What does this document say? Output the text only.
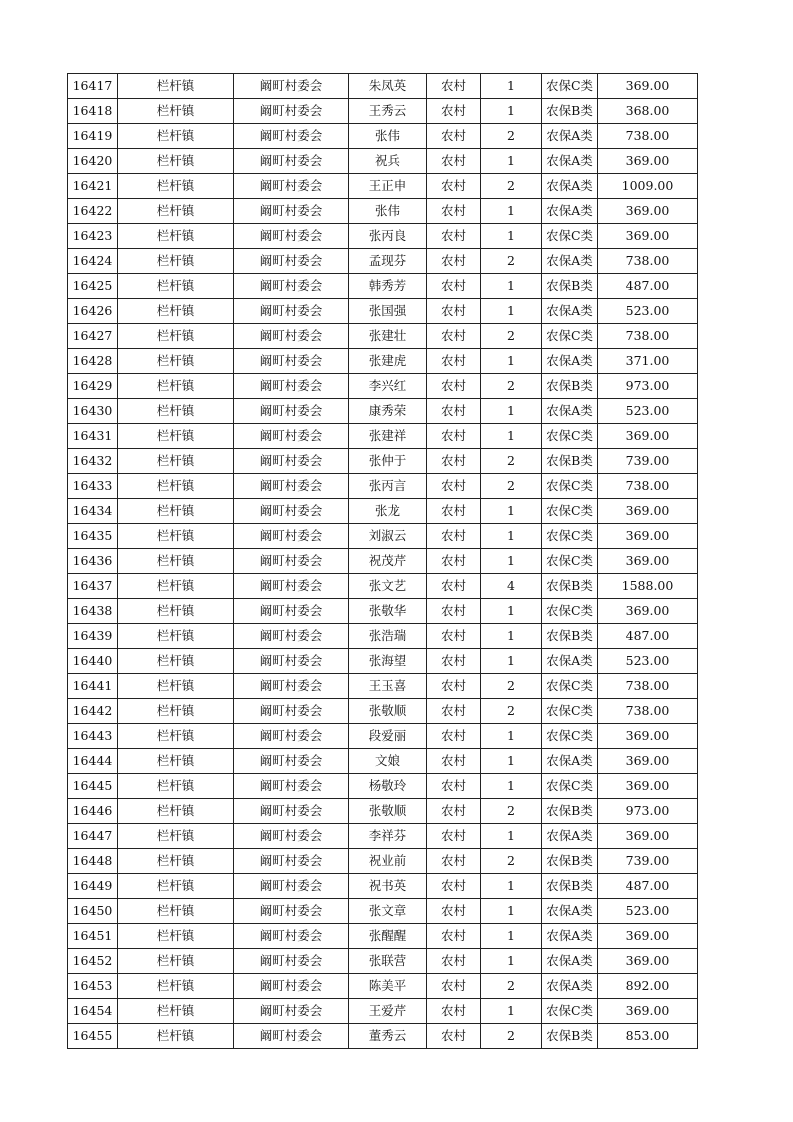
16417	栏杆镇	阚町村委会	朱凤英	农村	1	农保C类	369.00
16418	栏杆镇	阚町村委会	王秀云	农村	1	农保B类	368.00
16419	栏杆镇	阚町村委会	张伟	农村	2	农保A类	738.00
16420	栏杆镇	阚町村委会	祝兵	农村	1	农保A类	369.00
16421	栏杆镇	阚町村委会	王正申	农村	2	农保A类	1009.00
16422	栏杆镇	阚町村委会	张伟	农村	1	农保A类	369.00
16423	栏杆镇	阚町村委会	张丙良	农村	1	农保C类	369.00
16424	栏杆镇	阚町村委会	孟现芬	农村	2	农保A类	738.00
16425	栏杆镇	阚町村委会	韩秀芳	农村	1	农保B类	487.00
16426	栏杆镇	阚町村委会	张国强	农村	1	农保A类	523.00
16427	栏杆镇	阚町村委会	张建壮	农村	2	农保C类	738.00
16428	栏杆镇	阚町村委会	张建虎	农村	1	农保A类	371.00
16429	栏杆镇	阚町村委会	李兴红	农村	2	农保B类	973.00
16430	栏杆镇	阚町村委会	康秀荣	农村	1	农保A类	523.00
16431	栏杆镇	阚町村委会	张建祥	农村	1	农保C类	369.00
16432	栏杆镇	阚町村委会	张仲于	农村	2	农保B类	739.00
16433	栏杆镇	阚町村委会	张丙言	农村	2	农保C类	738.00
16434	栏杆镇	阚町村委会	张龙	农村	1	农保C类	369.00
16435	栏杆镇	阚町村委会	刘淑云	农村	1	农保C类	369.00
16436	栏杆镇	阚町村委会	祝茂芹	农村	1	农保C类	369.00
16437	栏杆镇	阚町村委会	张文艺	农村	4	农保B类	1588.00
16438	栏杆镇	阚町村委会	张敬华	农村	1	农保C类	369.00
16439	栏杆镇	阚町村委会	张浩瑞	农村	1	农保B类	487.00
16440	栏杆镇	阚町村委会	张海望	农村	1	农保A类	523.00
16441	栏杆镇	阚町村委会	王玉喜	农村	2	农保C类	738.00
16442	栏杆镇	阚町村委会	张敬顺	农村	2	农保C类	738.00
16443	栏杆镇	阚町村委会	段爱丽	农村	1	农保C类	369.00
16444	栏杆镇	阚町村委会	文娘	农村	1	农保A类	369.00
16445	栏杆镇	阚町村委会	杨敬玲	农村	1	农保C类	369.00
16446	栏杆镇	阚町村委会	张敬顺	农村	2	农保B类	973.00
16447	栏杆镇	阚町村委会	李祥芬	农村	1	农保A类	369.00
16448	栏杆镇	阚町村委会	祝业前	农村	2	农保B类	739.00
16449	栏杆镇	阚町村委会	祝书英	农村	1	农保B类	487.00
16450	栏杆镇	阚町村委会	张文章	农村	1	农保A类	523.00
16451	栏杆镇	阚町村委会	张醒醒	农村	1	农保A类	369.00
16452	栏杆镇	阚町村委会	张联营	农村	1	农保A类	369.00
16453	栏杆镇	阚町村委会	陈美平	农村	2	农保A类	892.00
16454	栏杆镇	阚町村委会	王爱芹	农村	1	农保C类	369.00
16455	栏杆镇	阚町村委会	董秀云	农村	2	农保B类	853.00
